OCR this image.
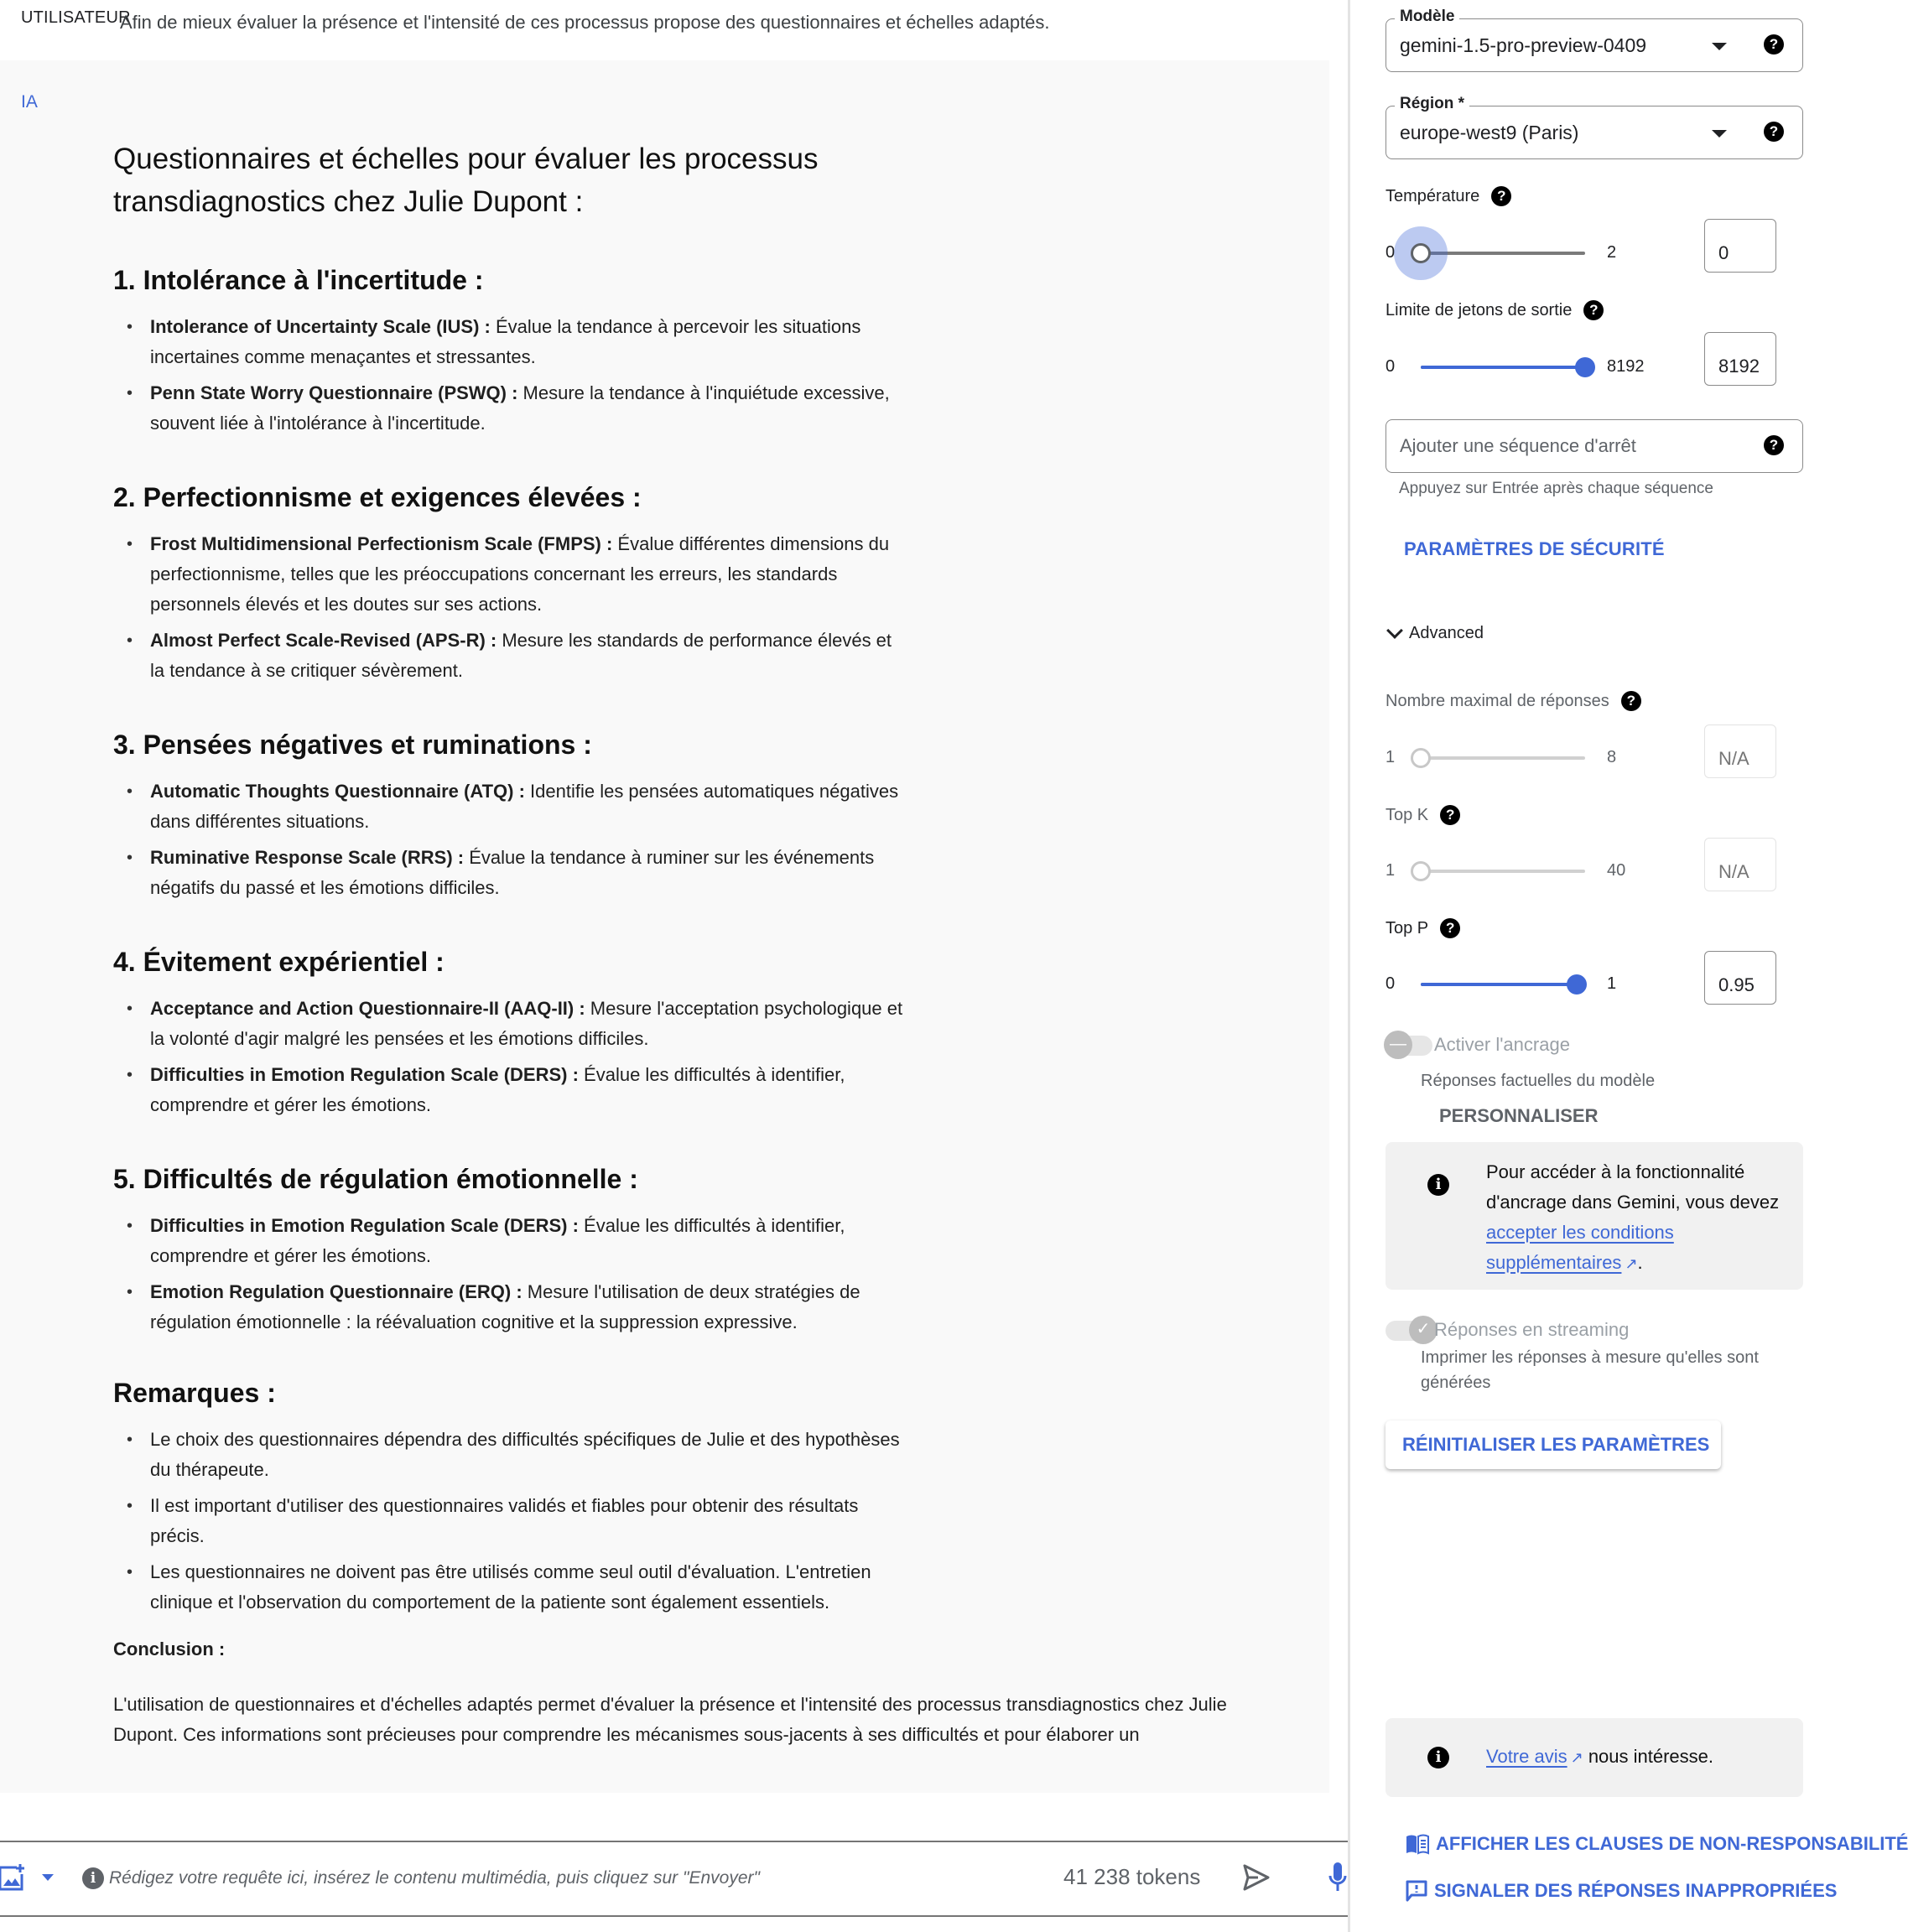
UTILISATEUR
Afin de mieux évaluer la présence et l'intensité de ces processus propose des questionnaires et échelles adaptés.
IA
Questionnaires et échelles pour évaluer les processus transdiagnostics chez Julie Dupont :
1. Intolérance à l'incertitude :
• Intolerance of Uncertainty Scale (IUS) : Évalue la tendance à percevoir les situations incertaines comme menaçantes et stressantes.
• Penn State Worry Questionnaire (PSWQ) : Mesure la tendance à l'inquiétude excessive, souvent liée à l'intolérance à l'incertitude.
2. Perfectionnisme et exigences élevées :
• Frost Multidimensional Perfectionism Scale (FMPS) : Évalue différentes dimensions du perfectionnisme, telles que les préoccupations concernant les erreurs, les standards personnels élevés et les doutes sur ses actions.
• Almost Perfect Scale-Revised (APS-R) : Mesure les standards de performance élevés et la tendance à se critiquer sévèrement.
3. Pensées négatives et ruminations :
• Automatic Thoughts Questionnaire (ATQ) : Identifie les pensées automatiques négatives dans différentes situations.
• Ruminative Response Scale (RRS) : Évalue la tendance à ruminer sur les événements négatifs du passé et les émotions difficiles.
4. Évitement expérientiel :
• Acceptance and Action Questionnaire-II (AAQ-II) : Mesure l'acceptation psychologique et la volonté d'agir malgré les pensées et les émotions difficiles.
• Difficulties in Emotion Regulation Scale (DERS) : Évalue les difficultés à identifier, comprendre et gérer les émotions.
5. Difficultés de régulation émotionnelle :
• Difficulties in Emotion Regulation Scale (DERS) : Évalue les difficultés à identifier, comprendre et gérer les émotions.
• Emotion Regulation Questionnaire (ERQ) : Mesure l'utilisation de deux stratégies de régulation émotionnelle : la réévaluation cognitive et la suppression expressive.
Remarques :
• Le choix des questionnaires dépendra des difficultés spécifiques de Julie et des hypothèses du thérapeute.
• Il est important d'utiliser des questionnaires validés et fiables pour obtenir des résultats précis.
• Les questionnaires ne doivent pas être utilisés comme seul outil d'évaluation. L'entretien clinique et l'observation du comportement de la patiente sont également essentiels.
Conclusion :
L'utilisation de questionnaires et d'échelles adaptés permet d'évaluer la présence et l'intensité des processus transdiagnostics chez Julie Dupont. Ces informations sont précieuses pour comprendre les mécanismes sous-jacents à ses difficultés et pour élaborer un
i
Rédigez votre requête ici, insérez le contenu multimédia, puis cliquez sur "Envoyer"	41 238 tokens
Modèle
gemini-1.5-pro-preview-0409	?
Région *
europe-west9 (Paris)	?
Température	?
0	2
0
Limite de jetons de sortie	?
0	8192
8192
Ajouter une séquence d'arrêt
?
Appuyez sur Entrée après chaque séquence
PARAMÈTRES DE SÉCURITÉ
Advanced
Nombre maximal de réponses	?
1	8
N/A
Top K	?
1	40
N/A
Top P	?
0	1
0.95
—	Activer l'ancrage
Réponses factuelles du modèle
PERSONNALISER
i
Pour accéder à la fonctionnalité d'ancrage dans Gemini, vous devez accepter les conditions supplémentaires ↗.
✓ Réponses en streaming
Imprimer les réponses à mesure qu'elles sont générées
RÉINITIALISER LES PARAMÈTRES
i	Votre avis ↗ nous intéresse.
AFFICHER LES CLAUSES DE NON-RESPONSABILITÉ
SIGNALER DES RÉPONSES INAPPROPRIÉES
